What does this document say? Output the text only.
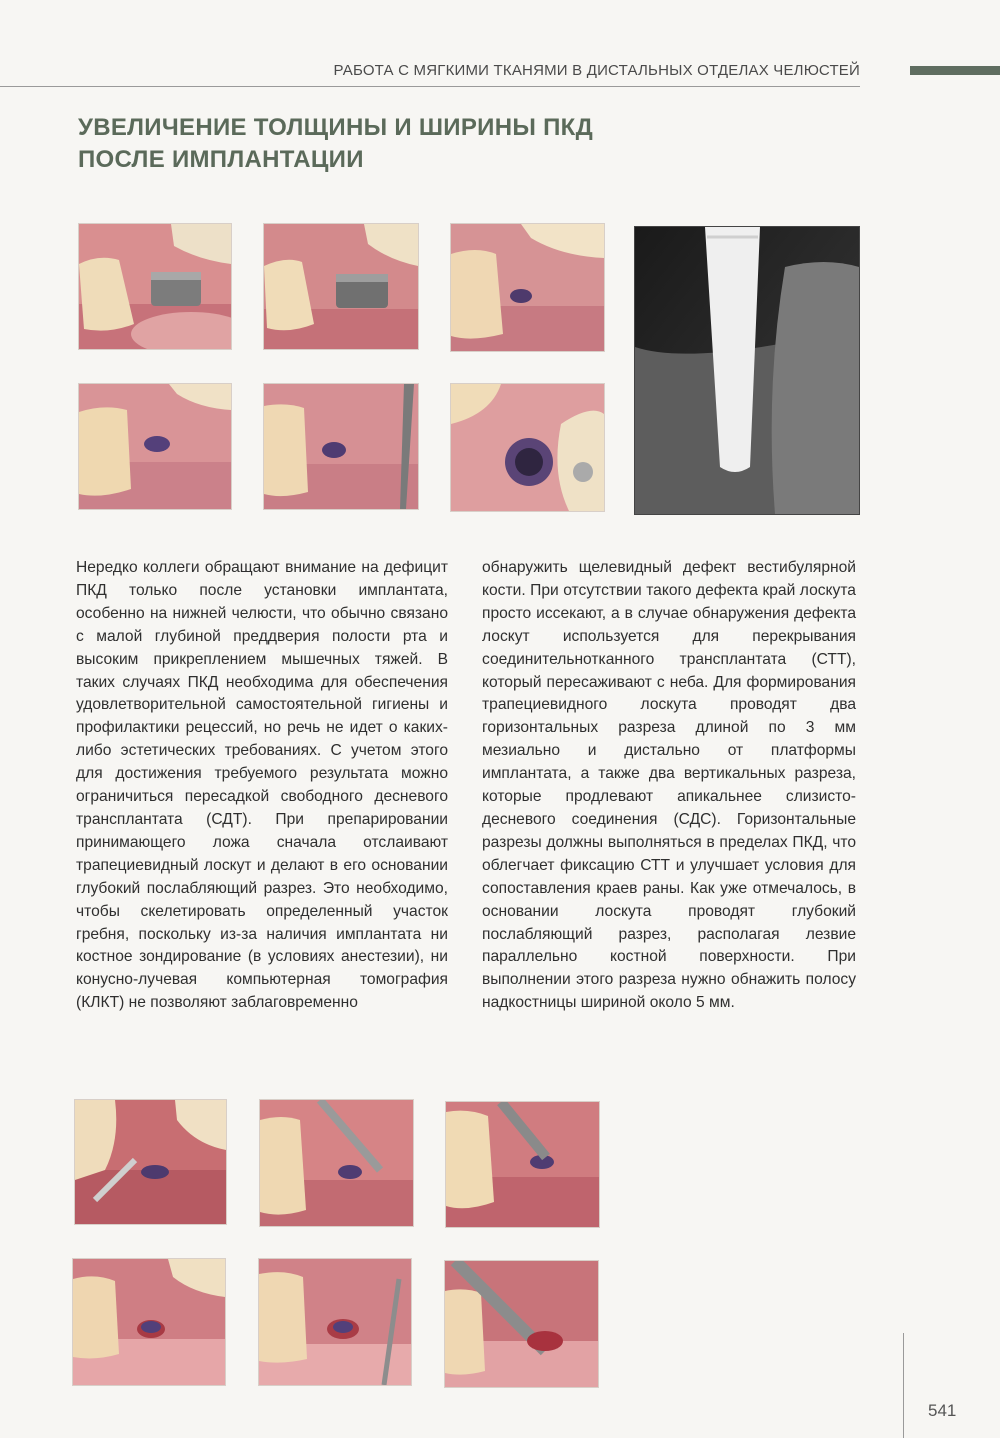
РАБОТА С МЯГКИМИ ТКАНЯМИ В ДИСТАЛЬНЫХ ОТДЕЛАХ ЧЕЛЮСТЕЙ
УВЕЛИЧЕНИЕ ТОЛЩИНЫ И ШИРИНЫ ПКД
ПОСЛЕ ИМПЛАНТАЦИИ

Нередко коллеги обращают внимание на дефицит ПКД только после установки имплантата, особенно на нижней челюсти, что обычно связано с малой глубиной преддверия полости рта и высоким прикреплением мышечных тяжей. В таких случаях ПКД необходима для обеспечения удовлетворительной самостоятельной гигиены и профилактики рецессий, но речь не идет о каких-либо эстетических требованиях. С учетом этого для достижения требуемого результата можно ограничиться пересадкой свободного десневого трансплантата (СДТ). При препарировании принимающего ложа сначала отслаивают трапециевидный лоскут и делают в его основании глубокий послабляющий разрез. Это необходимо, чтобы скелетировать определенный участок гребня, поскольку из-за наличия имплантата ни костное зондирование (в условиях анестезии), ни конусно-лучевая компьютерная томография (КЛКТ) не позволяют заблаговременно

обнаружить щелевидный дефект вестибулярной кости. При отсутствии такого дефекта край лоскута просто иссекают, а в случае обнаружения дефекта лоскут используется для перекрывания соединительнотканного трансплантата (СТТ), который пересаживают с неба. Для формирования трапециевидного лоскута проводят два горизонтальных разреза длиной по 3 мм мезиально и дистально от платформы имплантата, а также два вертикальных разреза, которые продлевают апикальнее слизисто-десневого соединения (СДС). Горизонтальные разрезы должны выполняться в пределах ПКД, что облегчает фиксацию СТТ и улучшает условия для сопоставления краев раны. Как уже отмечалось, в основании лоскута проводят глубокий послабляющий разрез, располагая лезвие параллельно костной поверхности. При выполнении этого разреза нужно обнажить полосу надкостницы шириной около 5 мм.

541
